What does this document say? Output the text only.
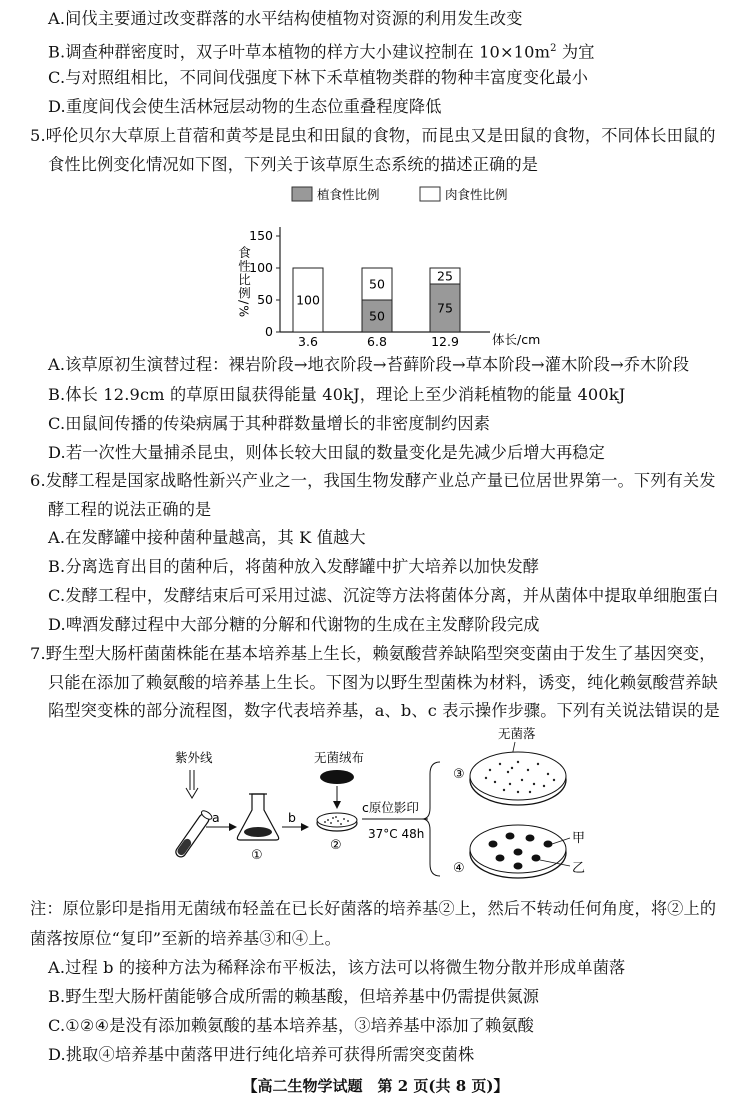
A.间伐主要通过改变群落的水平结构使植物对资源的利用发生改变
B.调查种群密度时，双子叶草本植物的样方大小建议控制在 $10\times 10m^2$ 为宜
C.与对照组相比，不同间伐强度下林下禾草植物类群的物种丰富度变化最小
D.重度间伐会使生活林冠层动物的生态位重叠程度降低
5.呼伦贝尔大草原上苜蓿和黄芩是昆虫和田鼠的食物，而昆虫又是田鼠的食物，不同体长田鼠的
食性比例变化情况如下图，下列关于该草原生态系统的描述正确的是
植食性比例	肉食性比例
食性比例/%
0
50
100
150
100
50
50
75
25
3.6	6.8	12.9	体长/cm
A.该草原初生演替过程：裸岩阶段→地衣阶段→苔藓阶段→草本阶段→灌木阶段→乔木阶段
B.体长 12.9cm 的草原田鼠获得能量 40kJ，理论上至少消耗植物的能量 400kJ
C.田鼠间传播的传染病属于其种群数量增长的非密度制约因素
D.若一次性大量捕杀昆虫，则体长较大田鼠的数量变化是先减少后增大再稳定
6.发酵工程是国家战略性新兴产业之一，我国生物发酵产业总产量已位居世界第一。下列有关发
酵工程的说法正确的是
A.在发酵罐中接种菌种量越高，其 K 值越大
B.分离选育出目的菌种后，将菌种放入发酵罐中扩大培养以加快发酵
C.发酵工程中，发酵结束后可采用过滤、沉淀等方法将菌体分离，并从菌体中提取单细胞蛋白
D.啤酒发酵过程中大部分糖的分解和代谢物的生成在主发酵阶段完成
7.野生型大肠杆菌菌株能在基本培养基上生长，赖氨酸营养缺陷型突变菌由于发生了基因突变，
只能在添加了赖氨酸的培养基上生长。下图为以野生型菌株为材料，诱变，纯化赖氨酸营养缺
陷型突变株的部分流程图，数字代表培养基，a、b、c 表示操作步骤。下列有关说法错误的是
紫外线
a
①
b
无菌绒布
②
c原位影印
37°C 48h
无菌落
③
④
甲
乙
注：原位影印是指用无菌绒布轻盖在已长好菌落的培养基②上，然后不转动任何角度，将②上的
菌落按原位“复印”至新的培养基③和④上。
A.过程 b 的接种方法为稀释涂布平板法，该方法可以将微生物分散并形成单菌落
B.野生型大肠杆菌能够合成所需的赖基酸，但培养基中仍需提供氮源
C.①②④是没有添加赖氨酸的基本培养基，③培养基中添加了赖氨酸
D.挑取④培养基中菌落甲进行纯化培养可获得所需突变菌株
【高二生物学试题　第 2 页(共 8 页)】
